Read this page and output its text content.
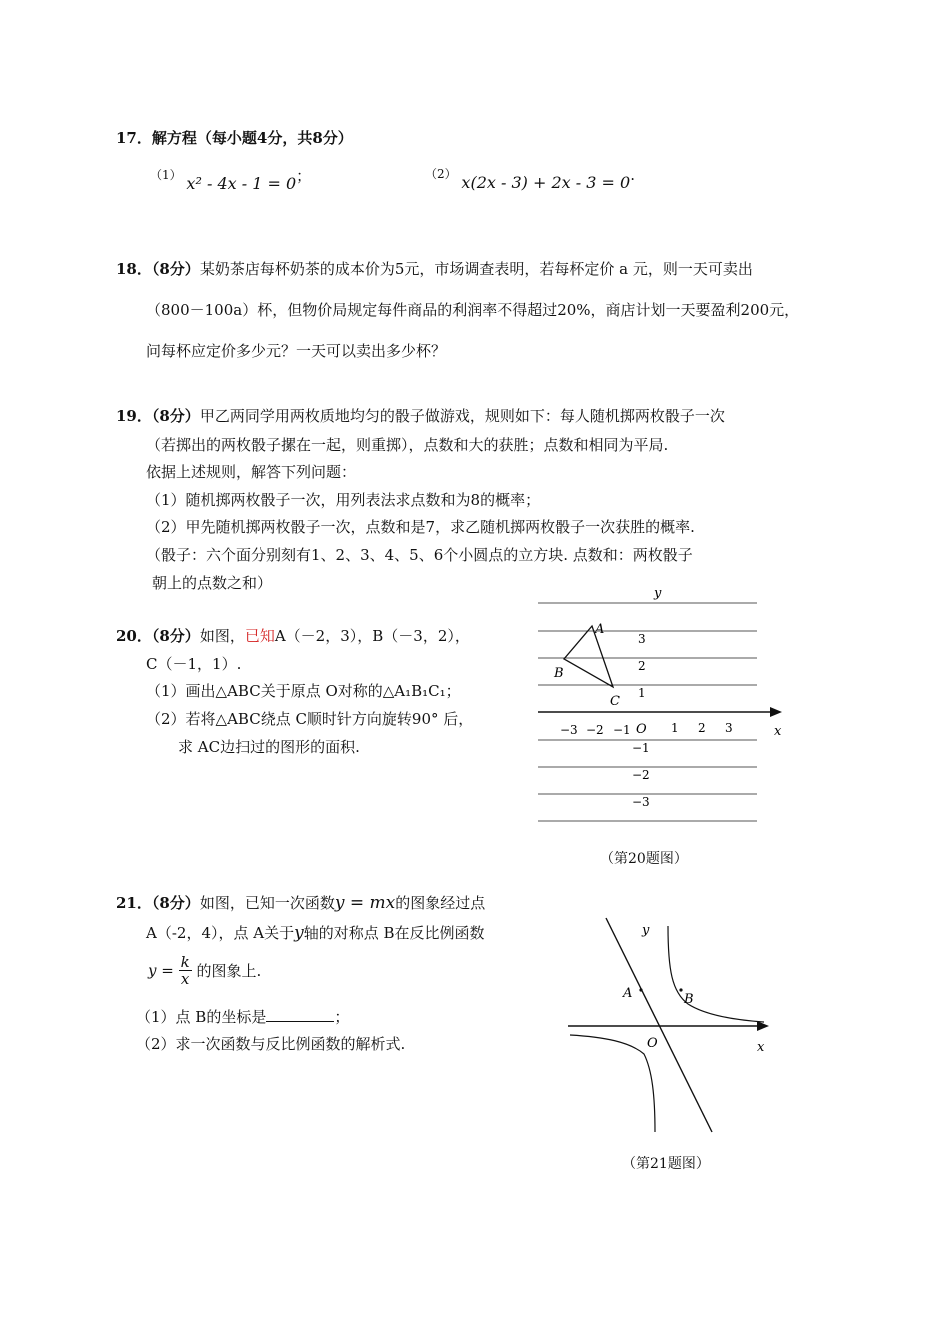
17．解方程（每小题4分，共8分）
（1） x² - 4x - 1 = 0；	（2） x(2x - 3) + 2x - 3 = 0.
18．（8分）某奶茶店每杯奶茶的成本价为5元，市场调查表明，若每杯定价 a 元，则一天可卖出
（800－100a）杯，但物价局规定每件商品的利润率不得超过20%，商店计划一天要盈利200元，
问每杯应定价多少元？一天可以卖出多少杯？
19．（8分）甲乙两同学用两枚质地均匀的骰子做游戏，规则如下：每人随机掷两枚骰子一次
（若掷出的两枚骰子摞在一起，则重掷），点数和大的获胜；点数和相同为平局.
依据上述规则，解答下列问题：
（1）随机掷两枚骰子一次，用列表法求点数和为8的概率；
（2）甲先随机掷两枚骰子一次，点数和是7，求乙随机掷两枚骰子一次获胜的概率.
（骰子：六个面分别刻有1、2、3、4、5、6个小圆点的立方块. 点数和：两枚骰子
朝上的点数之和）
20．（8分）如图，已知A（－2，3），B（－3，2），
C（－1，1）.
（1）画出△ABC关于原点 O对称的△A₁B₁C₁；
（2）若将△ABC绕点 C顺时针方向旋转90° 后，
求 AC边扫过的图形的面积.
y
x
O
−3 −2 −1	1 2 3
3
2
1
−1
−2
−3
A
B
C
（第20题图）
21．（8分）如图，已知一次函数y = mx的图象经过点
A（-2，4），点 A关于y轴的对称点 B在反比例函数
$y = \frac{k}{x}$ 的图象上.
（1）点 B的坐标是	；
（2）求一次函数与反比例函数的解析式.
y
x
O
A	B
（第21题图）
